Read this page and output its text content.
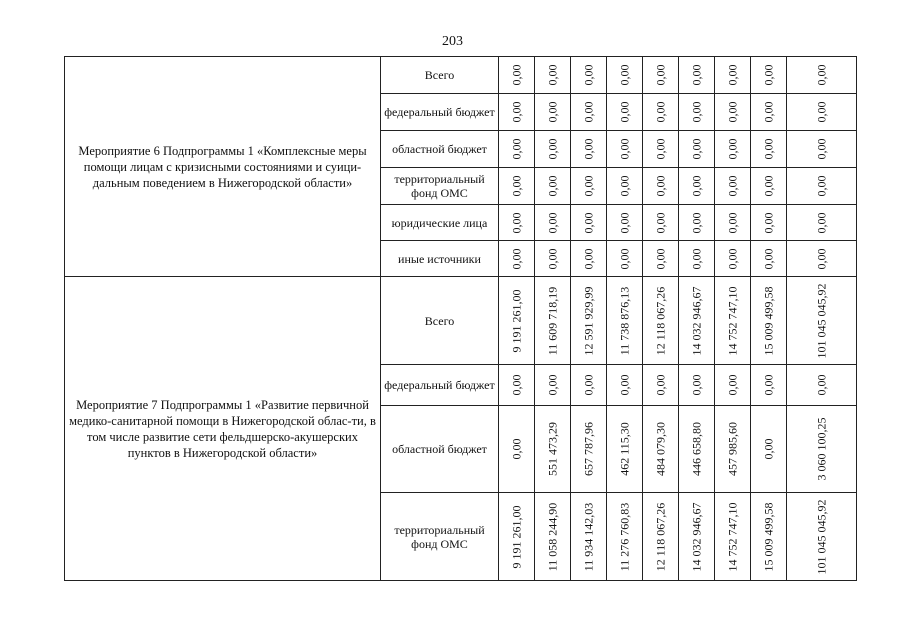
203
Мероприятие 6 Подпрограммы 1 «Комплексные меры помощи лицам с кризисными состояниями и суици-дальным поведением в Нижегородской области»	Всего	0,00	0,00	0,00	0,00	0,00	0,00	0,00	0,00	0,00

	федеральный бюджет	0,00	0,00	0,00	0,00	0,00	0,00	0,00	0,00	0,00

	областной бюджет	0,00	0,00	0,00	0,00	0,00	0,00	0,00	0,00	0,00

	территориальный фонд ОМС	0,00	0,00	0,00	0,00	0,00	0,00	0,00	0,00	0,00

	юридические лица	0,00	0,00	0,00	0,00	0,00	0,00	0,00	0,00	0,00

	иные источники	0,00	0,00	0,00	0,00	0,00	0,00	0,00	0,00	0,00

Мероприятие 7 Подпрограммы 1 «Развитие первичной медико-санитарной помощи в Нижегородской облас-ти, в том числе развитие сети фельдшерско-акушерских пунктов в Нижегородской области»	Всего	9 191 261,00	11 609 718,19	12 591 929,99	11 738 876,13	12 118 067,26	14 032 946,67	14 752 747,10	15 009 499,58	101 045 045,92

	федеральный бюджет	0,00	0,00	0,00	0,00	0,00	0,00	0,00	0,00	0,00

	областной бюджет	0,00	551 473,29	657 787,96	462 115,30	484 079,30	446 658,80	457 985,60	0,00	3 060 100,25

	территориальный фонд ОМС	9 191 261,00	11 058 244,90	11 934 142,03	11 276 760,83	12 118 067,26	14 032 946,67	14 752 747,10	15 009 499,58	101 045 045,92
